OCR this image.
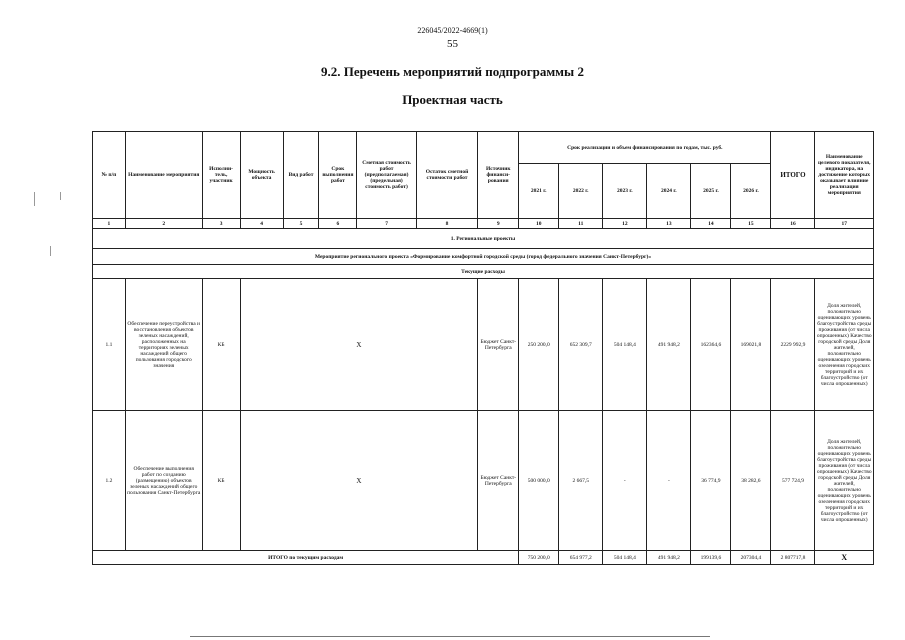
226045/2022-4669(1)
55
9.2. Перечень мероприятий подпрограммы 2
Проектная часть
№ п/п	Наименование мероприятия	Исполни-тель, участник	Мощность объекта	Вид работ	Срок выполнения работ	Сметная стоимость работ (предполагаемая) (предельная) стоимость работ)	Остаток сметной стоимости работ	Источник финанси-рования	Срок реализации и объем финансирования по годам, тыс. руб.						ИТОГО	Наименование целевого показателя, индикатора, на достижение которых оказывает влияние реализация мероприятия
									2021 г.	2022 г.	2023 г.	2024 г.	2025 г.	2026 г.		
1	2	3	4	5	6	7	8	9	10	11	12	13	14	15	16	17
1. Региональные проекты																
Мероприятие регионального проекта «Формирование комфортной городской среды (город федерального значения Санкт-Петербург)»																
Текущие расходы																
1.1	Обеспечение переустройства и восстановления объектов зеленых насаждений, расположенных на территориях зеленых насаждений общего пользования городского значения	КБ	X					Бюджет Санкт-Петербурга	250 200,0	652 309,7	504 148,4	491 948,2	162364,6	169021,8	2229 992,9	Доля жителей, положительно оценивающих уровень благоустройства среды проживания (от числа опрошенных) Качество городской среды Доля жителей, положительно оценивающих уровень озеленения городских территорий и их благоустройство (от числа опрошенных)
1.2	Обеспечение выполнения работ по созданию (размещению) объектов зеленых насаждений общего пользования Санкт-Петербурга	КБ	X					Бюджет Санкт-Петербурга	500 000,0	2 667,5	-	-	36 774,9	38 282,6	577 724,9	Доля жителей, положительно оценивающих уровень благоустройства среды проживания (от числа опрошенных) Качество городской среды Доля жителей, положительно оценивающих уровень озеленения городских территорий и их благоустройство (от числа опрошенных)
ИТОГО по текущим расходам									750 200,0	654 977,2	504 148,4	491 948,2	199139,6	207304,4	2 807717,8	X
